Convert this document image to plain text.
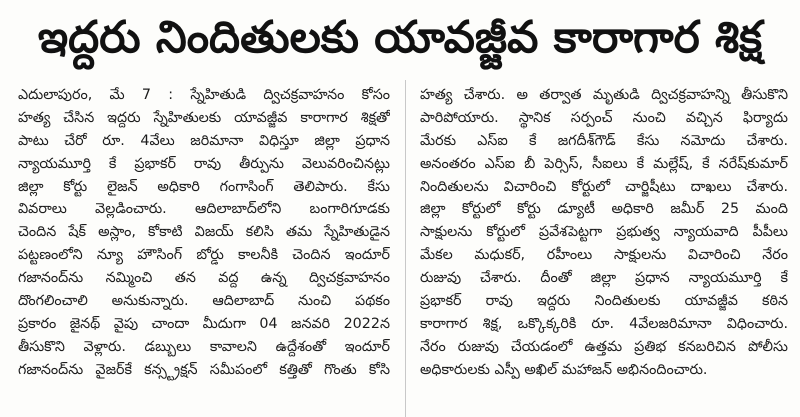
ఇద్దరు నిందితులకు యావజ్జీవ కారాగార శిక్ష
ఎదులాపురం, మే 7 : స్నేహితుడి ద్విచక్రవాహనం కోసం
హత్య చేసిన ఇద్దరు స్నేహితులకు యావజ్జీవ కారాగార శిక్షతో
పాటు చేరో రూ. 4వేలు జరిమానా విధిస్తూ జిల్లా ప్రధాన
న్యాయమూర్తి కే ప్రభాకర్ రావు తీర్పును వెలువరించినట్లు
జిల్లా కోర్టు లైజన్ అధికారి గంగాసింగ్ తెలిపారు. కేసు
వివరాలు వెల్లడించారు. ఆదిలాబాద్‌లోని బంగారిగూడకు
చెందిన షేక్ అస్లాం, కోకాటి విజయ్ కలిసి తమ స్నేహితుడైన
పట్టణంలోని న్యూ హౌసింగ్ బోర్డు కాలనీకి చెందిన ఇందూర్
గజానంద్‌ను నమ్మించి తన వద్ద ఉన్న ద్విచక్రవాహనం
దొంగలించాలి అనుకున్నారు. ఆదిలాబాద్ నుంచి పథకం
ప్రకారం జైనథ్ వైపు చాందా మీదుగా 04 జనవరి 2022న
తీసుకొని వెళ్లారు. డబ్బులు కావాలని ఉద్దేశంతో ఇందూర్
గజానంద్‌ను వైజర్‌కే కన్స్ట్రక్షన్ సమీపంలో కత్తితో గొంతు కోసి
హత్య చేశారు. అ తర్వాత మృతుడి ద్విచక్రవాహన్ని తీసుకొని
పారిపోయారు. స్థానిక సర్పంచ్ నుంచి వచ్చిన ఫిర్యాదు
మేరకు ఎస్ఐ కే జగదీశ్‌గౌడ్ కేసు నమోదు చేశారు.
అనంతరం ఎస్ఐ బీ పెర్సిస్, సీఐలు కే మల్లేష్, కే నరేష్‌కుమార్
నిందితులను విచారించి కోర్టులో చార్జిషీటు దాఖలు చేశారు.
జిల్లా కోర్టులో కోర్టు డ్యూటీ అధికారి జమీర్ 25 మంది
సాక్షులను కోర్టులో ప్రవేశపెట్టగా ప్రభుత్వ న్యాయవాది పీపీలు
మేకల మధుకర్, రహీంలు సాక్షులను విచారించి నేరం
రుజువు చేశారు. దీంతో జిల్లా ప్రధాన న్యాయమూర్తి కే
ప్రభాకర్ రావు ఇద్దరు నిందితులకు యావజ్జీవ కఠిన
కారాగార శిక్ష, ఒక్కొక్కరికి రూ. 4వేలజరిమానా విధించారు.
నేరం రుజువు చేయడంలో ఉత్తమ ప్రతిభ కనబరిచిన పోలీసు
అధికారులకు ఎస్పీ అఖిల్ మహాజన్ అభినందించారు.
